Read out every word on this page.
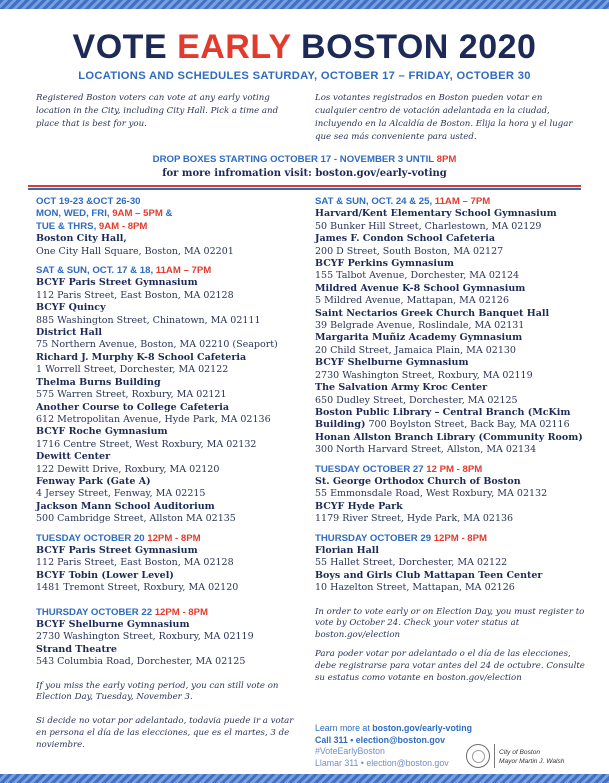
VOTE EARLY BOSTON 2020
LOCATIONS AND SCHEDULES SATURDAY, OCTOBER 17 – FRIDAY, OCTOBER 30
Registered Boston voters can vote at any early voting location in the City, including City Hall. Pick a time and place that is best for you.
Los votantes registrados en Boston pueden votar en cualquier centro de votación adelantada en la ciudad, incluyendo en la Alcaldía de Boston. Elija la hora y el lugar que sea más conveniente para usted.
DROP BOXES STARTING OCTOBER 17 - NOVEMBER 3 UNTIL 8PM
for more infromation visit: boston.gov/early-voting
OCT 19-23 &OCT 26-30
MON, WED, FRI, 9AM – 5PM &
TUE & THRS, 9AM - 8PM
Boston City Hall,
One City Hall Square, Boston, MA 02201
SAT & SUN, OCT. 17 & 18, 11AM – 7PM
BCYF Paris Street Gymnasium
112 Paris Street, East Boston, MA 02128
BCYF Quincy
885 Washington Street, Chinatown, MA 02111
District Hall
75 Northern Avenue, Boston, MA 02210 (Seaport)
Richard J. Murphy K-8 School Cafeteria
1 Worrell Street, Dorchester, MA 02122
Thelma Burns Building
575 Warren Street, Roxbury, MA 02121
Another Course to College Cafeteria
612 Metropolitan Avenue, Hyde Park, MA 02136
BCYF Roche Gymnasium
1716 Centre Street, West Roxbury, MA 02132
Dewitt Center
122 Dewitt Drive, Roxbury, MA 02120
Fenway Park (Gate A)
4 Jersey Street, Fenway, MA 02215
Jackson Mann School Auditorium
500 Cambridge Street, Allston MA 02135
TUESDAY OCTOBER 20 12PM - 8PM
BCYF Paris Street Gymnasium
112 Paris Street, East Boston, MA 02128
BCYF Tobin (Lower Level)
1481 Tremont Street, Roxbury, MA 02120
THURSDAY OCTOBER 22 12PM - 8PM
BCYF Shelburne Gymnasium
2730 Washington Street, Roxbury, MA 02119
Strand Theatre
543 Columbia Road, Dorchester, MA 02125
If you miss the early voting period, you can still vote on Election Day, Tuesday, November 3.
Si decide no votar por adelantado, todavia puede ir a votar en persona el día de las elecciones, que es el martes, 3 de noviembre.
SAT & SUN, OCT. 24 & 25, 11AM – 7PM
Harvard/Kent Elementary School Gymnasium
50 Bunker Hill Street, Charlestown, MA 02129
James F. Condon School Cafeteria
200 D Street, South Boston, MA 02127
BCYF Perkins Gymnasium
155 Talbot Avenue, Dorchester, MA 02124
Mildred Avenue K-8 School Gymnasium
5 Mildred Avenue, Mattapan, MA 02126
Saint Nectarios Greek Church Banquet Hall
39 Belgrade Avenue, Roslindale, MA 02131
Margarita Muñiz Academy Gymnasium
20 Child Street, Jamaica Plain, MA 02130
BCYF Shelburne Gymnasium
2730 Washington Street, Roxbury, MA 02119
The Salvation Army Kroc Center
650 Dudley Street, Dorchester, MA 02125
Boston Public Library – Central Branch (McKim Building) 700 Boylston Street, Back Bay, MA 02116
Honan Allston Branch Library (Community Room)
300 North Harvard Street, Allston, MA 02134
TUESDAY OCTOBER 27 12 PM - 8PM
St. George Orthodox Church of Boston
55 Emmonsdale Road, West Roxbury, MA 02132
BCYF Hyde Park
1179 River Street, Hyde Park, MA 02136
THURSDAY OCTOBER 29 12PM - 8PM
Florian Hall
55 Hallet Street, Dorchester, MA 02122
Boys and Girls Club Mattapan Teen Center
10 Hazelton Street, Mattapan, MA 02126
In order to vote early or on Election Day, you must register to vote by October 24. Check your voter status at boston.gov/election
Para poder votar por adelantado o el día de las elecciones, debe registrarse para votar antes del 24 de octubre. Consulte su estatus como votante en boston.gov/election
Learn more at boston.gov/early-voting
Call 311 • election@boston.gov
#VoteEarlyBoston
Llamar 311 • election@boston.gov
City of Boston
Mayor Martin J. Walsh
